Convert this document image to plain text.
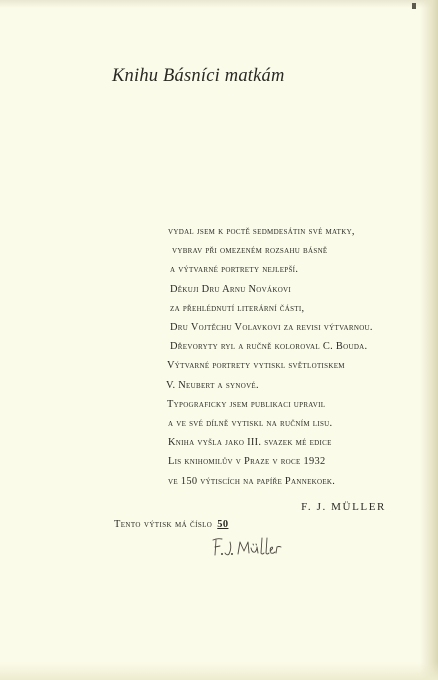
Knihu Básníci matkám
vydal jsem k poctě sedmdesátin své matky,
vybrav při omezeném rozsahu básně
a výtvarné portrety nejlepší.
Děkuji Dru Arnu Novákovi
za přehlédnutí literární části,
Dru Vojtěchu Volavkovi za revisi výtvarnou.
Dřevoryty ryl a ručně koloroval C. Bouda.
Výtvarné portrety vytiskl světlotiskem
V. Neubert a synové.
Typograficky jsem publikaci upravil
a ve své dílně vytiskl na ručním lisu.
Kniha vyšla jako III. svazek mé edice
Lis knihomilův v Praze v roce 1932
ve 150 výtiscích na papíře Pannekoek.
F. J. MÜLLER
Tento výtisk má číslo 50
